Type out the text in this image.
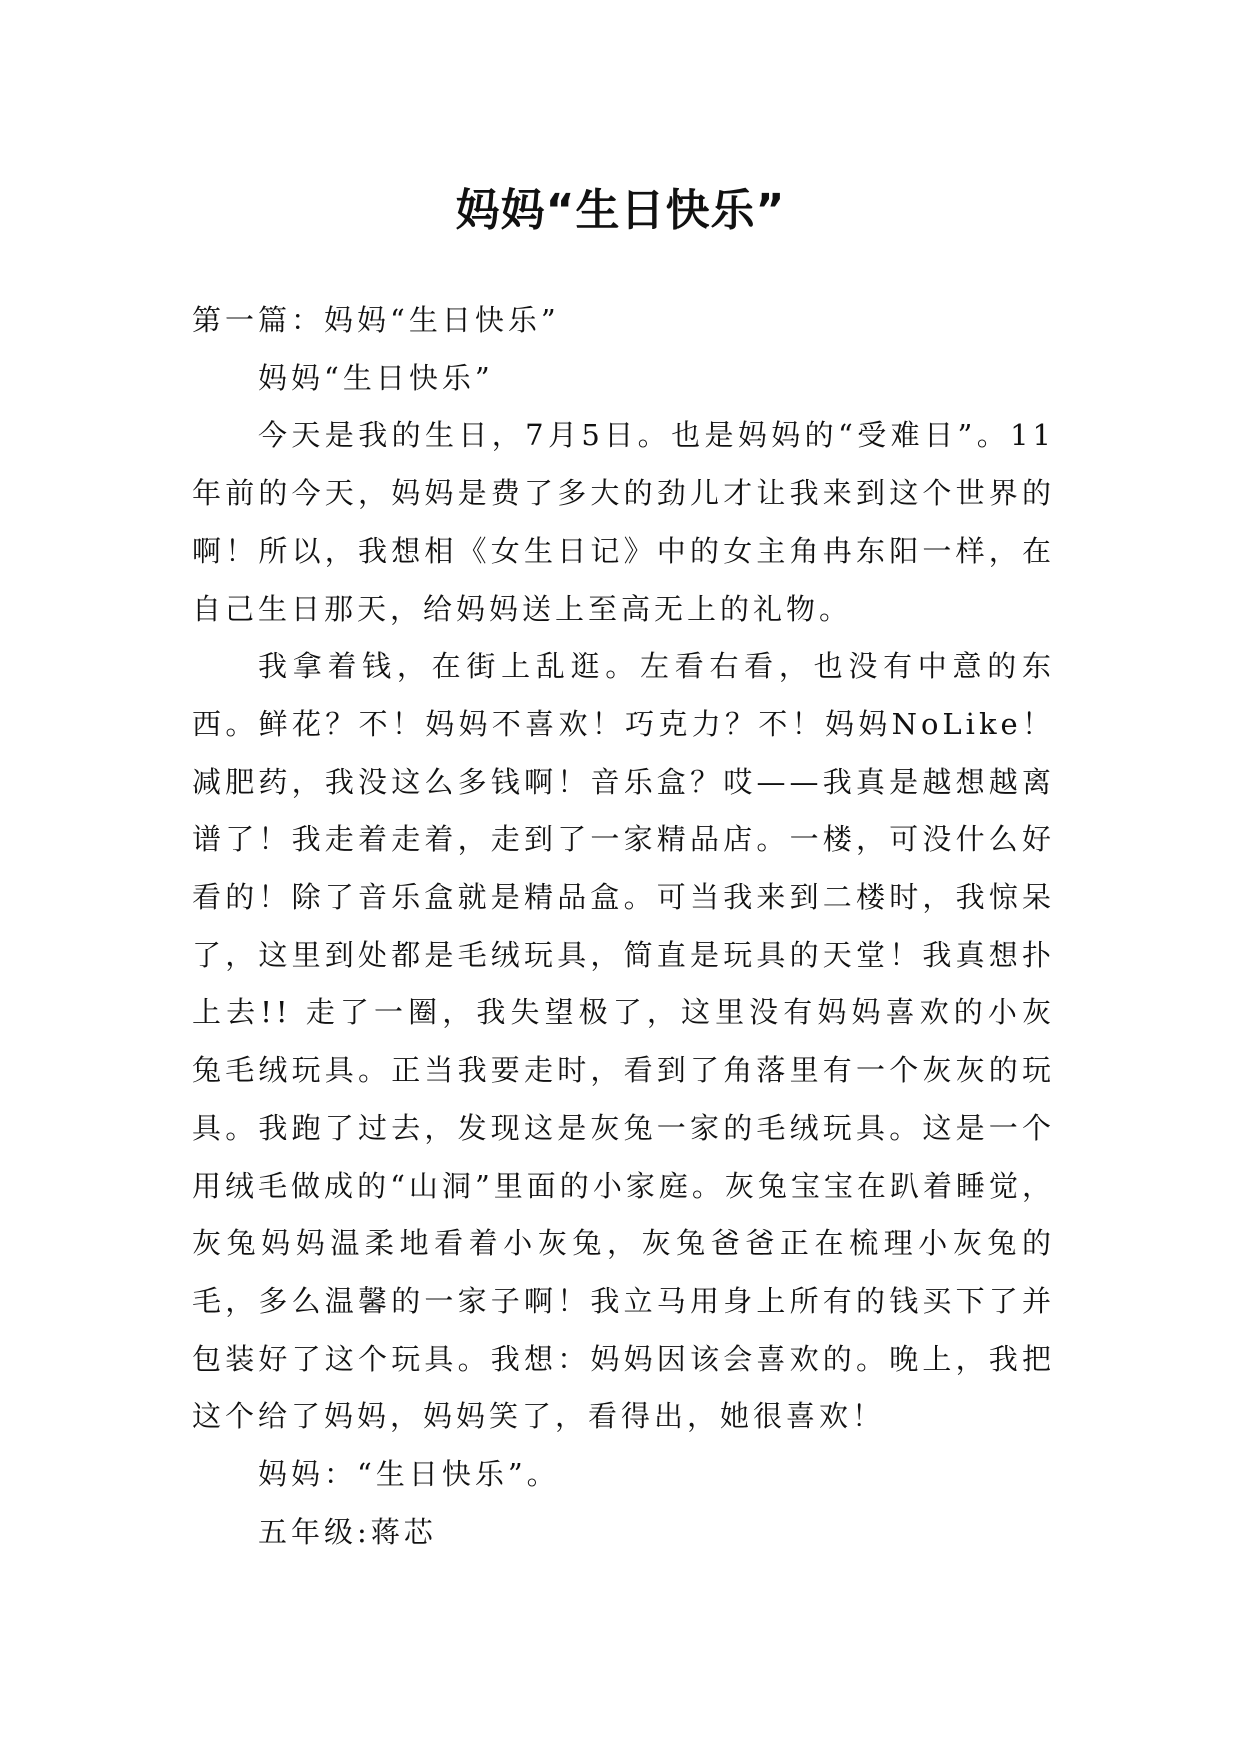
妈妈“生日快乐”

第一篇：妈妈“生日快乐”

妈妈“生日快乐”

今天是我的生日，7月5日。也是妈妈的“受难日”。11年前的今天，妈妈是费了多大的劲儿才让我来到这个世界的啊！所以，我想相《女生日记》中的女主角冉东阳一样，在自己生日那天，给妈妈送上至高无上的礼物。

我拿着钱，在街上乱逛。左看右看，也没有中意的东西。鲜花？不！妈妈不喜欢！巧克力？不！妈妈NoLike！减肥药，我没这么多钱啊！音乐盒？哎——我真是越想越离谱了！我走着走着，走到了一家精品店。一楼，可没什么好看的！除了音乐盒就是精品盒。可当我来到二楼时，我惊呆了，这里到处都是毛绒玩具，简直是玩具的天堂！我真想扑上去!! 走了一圈，我失望极了，这里没有妈妈喜欢的小灰兔毛绒玩具。正当我要走时，看到了角落里有一个灰灰的玩具。我跑了过去，发现这是灰兔一家的毛绒玩具。这是一个用绒毛做成的“山洞”里面的小家庭。灰兔宝宝在趴着睡觉，灰兔妈妈温柔地看着小灰兔，灰兔爸爸正在梳理小灰兔的毛，多么温馨的一家子啊！我立马用身上所有的钱买下了并包装好了这个玩具。我想：妈妈因该会喜欢的。晚上，我把这个给了妈妈，妈妈笑了，看得出，她很喜欢！

妈妈：“生日快乐”。

五年级:蒋芯
